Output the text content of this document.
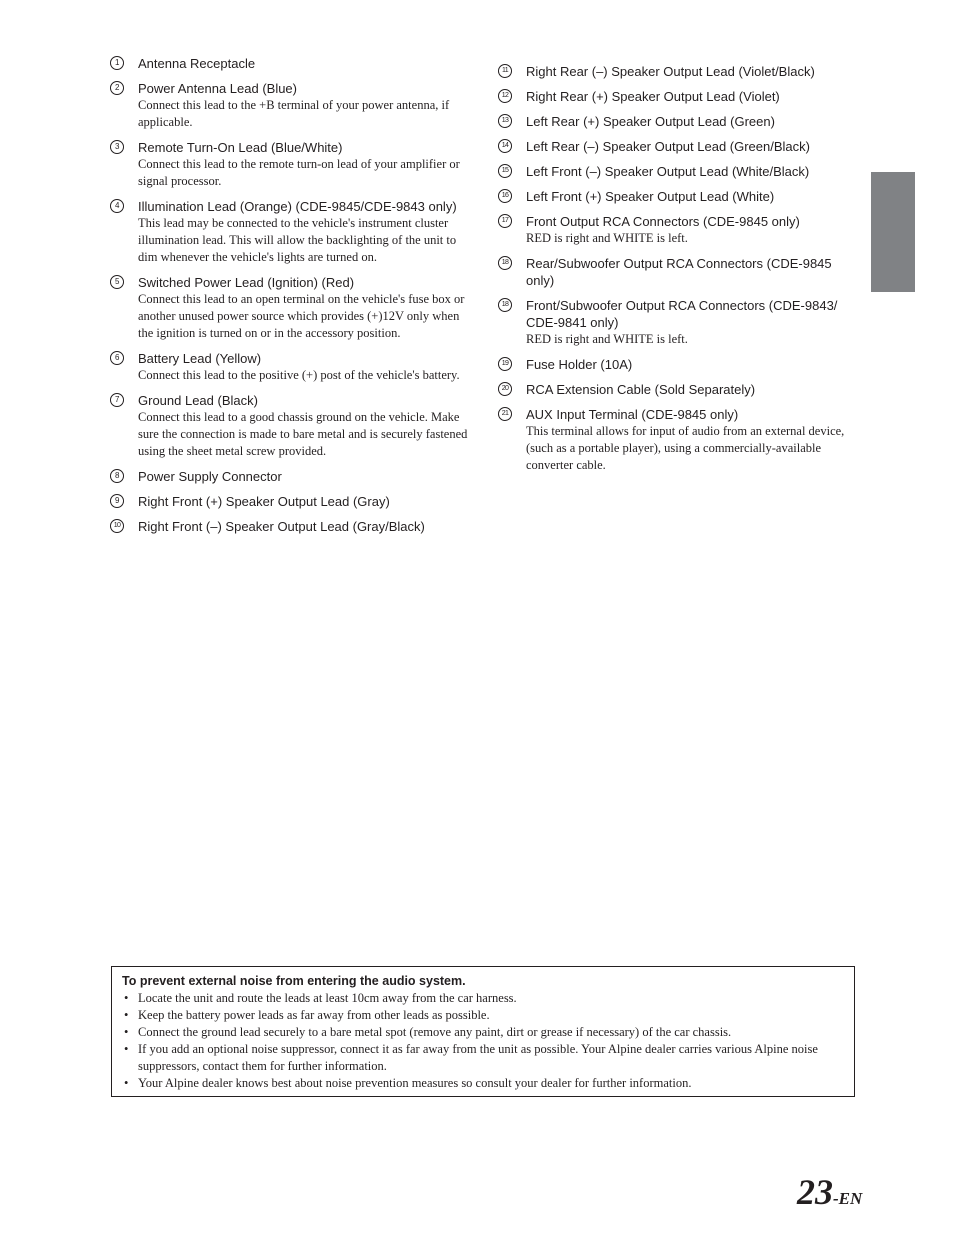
1	Antenna Receptacle
2	Power Antenna Lead (Blue)
Connect this lead to the +B terminal of your power antenna, if applicable.
3	Remote Turn-On Lead (Blue/White)
Connect this lead to the remote turn-on lead of your amplifier or signal processor.
4	Illumination Lead (Orange) (CDE-9845/CDE-9843 only)
This lead may be connected to the vehicle's instrument cluster illumination lead. This will allow the backlighting of the unit to dim whenever the vehicle's lights are turned on.
5	Switched Power Lead (Ignition) (Red)
Connect this lead to an open terminal on the vehicle's fuse box or another unused power source which provides (+)12V only when the ignition is turned on or in the accessory position.
6	Battery Lead (Yellow)
Connect this lead to the positive (+) post of the vehicle's battery.
7	Ground Lead (Black)
Connect this lead to a good chassis ground on the vehicle. Make sure the connection is made to bare metal and is securely fastened using the sheet metal screw provided.
8	Power Supply Connector
9	Right Front (+) Speaker Output Lead (Gray)
10 Right Front (–) Speaker Output Lead (Gray/Black)
11	Right Rear (–) Speaker Output Lead (Violet/Black)
12 Right Rear (+) Speaker Output Lead (Violet)
13 Left Rear (+) Speaker Output Lead (Green)
14 Left Rear (–) Speaker Output Lead (Green/Black)
15 Left Front (–) Speaker Output Lead (White/Black)
16 Left Front (+) Speaker Output Lead (White)
17 Front Output RCA Connectors (CDE-9845 only)
RED is right and WHITE is left.
18 Rear/Subwoofer Output RCA Connectors (CDE-9845 only)
18 Front/Subwoofer Output RCA Connectors (CDE-9843/ CDE-9841 only)
RED is right and WHITE is left.
19 Fuse Holder (10A)
20 RCA Extension Cable (Sold Separately)
21 AUX Input Terminal (CDE-9845 only)
This terminal allows for input of audio from an external device, (such as a portable player), using a commercially-available converter cable.
To prevent external noise from entering the audio system.
• Locate the unit and route the leads at least 10cm away from the car harness.
• Keep the battery power leads as far away from other leads as possible.
• Connect the ground lead securely to a bare metal spot (remove any paint, dirt or grease if necessary) of the car chassis.
• If you add an optional noise suppressor, connect it as far away from the unit as possible. Your Alpine dealer carries various Alpine noise suppressors, contact them for further information.
• Your Alpine dealer knows best about noise prevention measures so consult your dealer for further information.
23-EN
